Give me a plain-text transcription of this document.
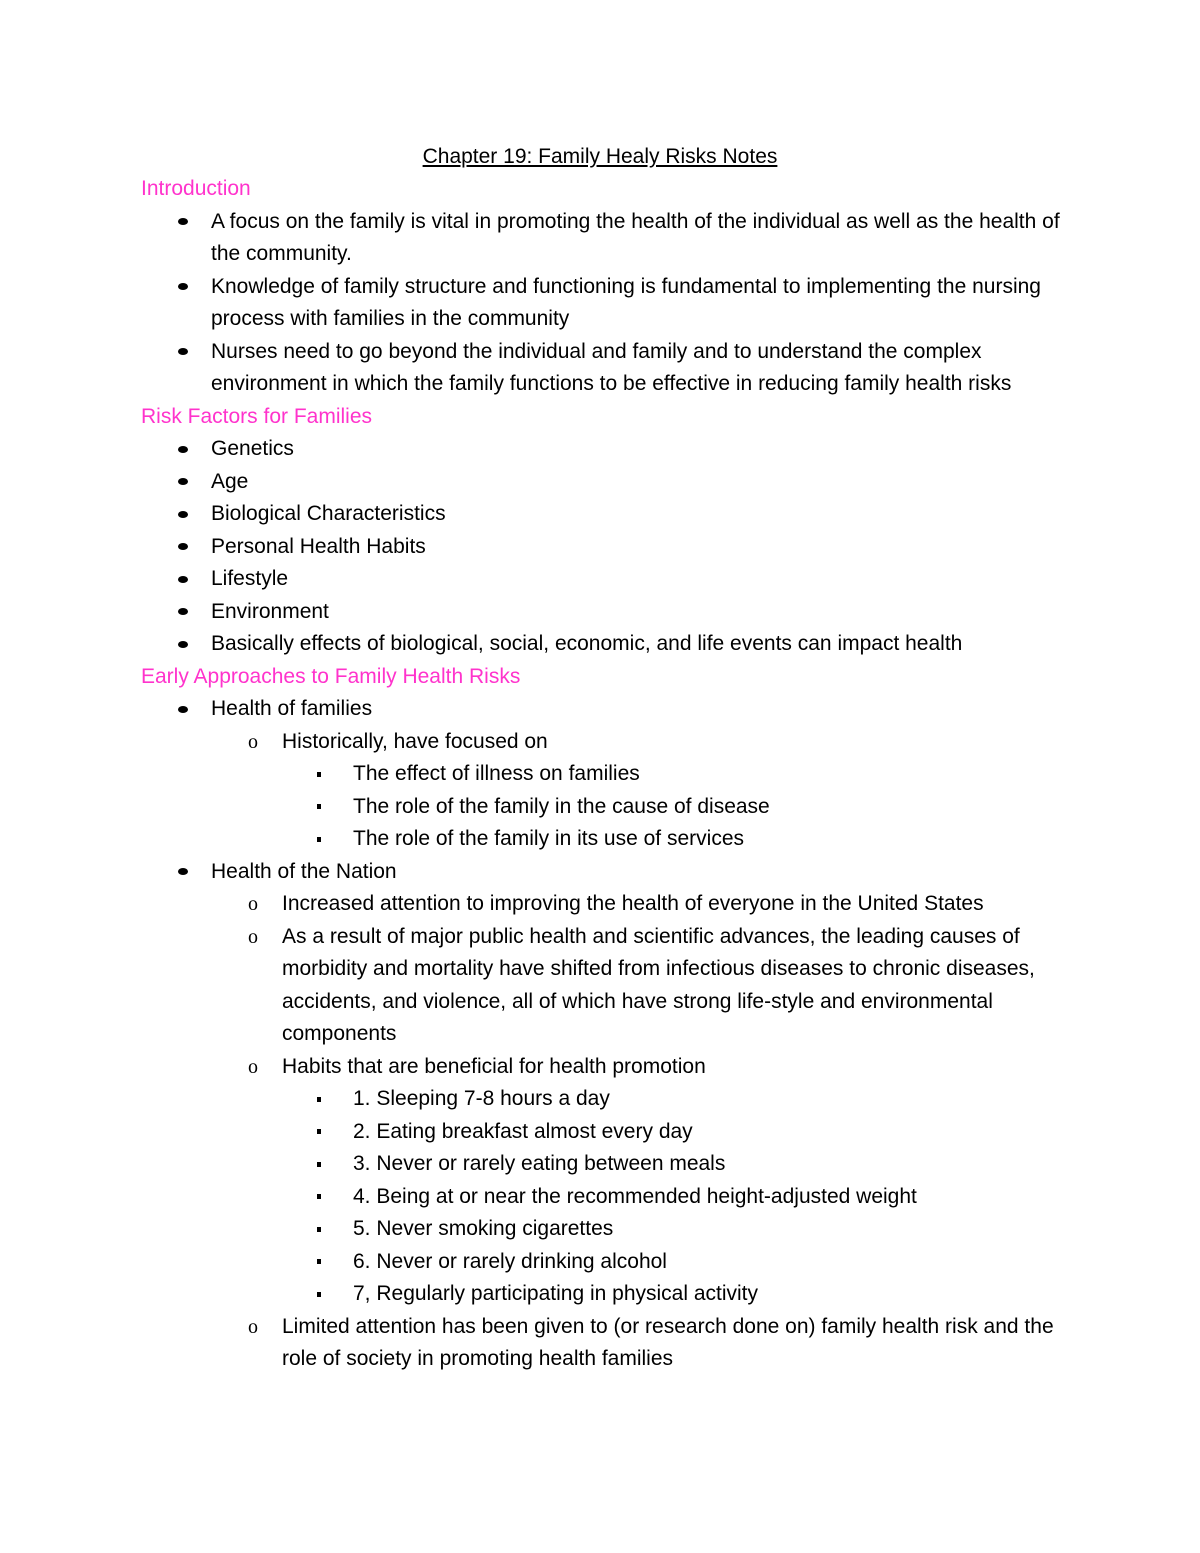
Chapter 19: Family Healy Risks Notes
Introduction
A focus on the family is vital in promoting the health of the individual as well as the health of the community.
Knowledge of family structure and functioning is fundamental to implementing the nursing process with families in the community
Nurses need to go beyond the individual and family and to understand the complex environment in which the family functions to be effective in reducing family health risks
Risk Factors for Families
Genetics
Age
Biological Characteristics
Personal Health Habits
Lifestyle
Environment
Basically effects of biological, social, economic, and life events can impact health
Early Approaches to Family Health Risks
Health of families
o Historically, have focused on
The effect of illness on families
The role of the family in the cause of disease
The role of the family in its use of services
Health of the Nation
o Increased attention to improving the health of everyone in the United States
o As a result of major public health and scientific advances, the leading causes of morbidity and mortality have shifted from infectious diseases to chronic diseases, accidents, and violence, all of which have strong life-style and environmental components
o Habits that are beneficial for health promotion
1. Sleeping 7-8 hours a day
2. Eating breakfast almost every day
3. Never or rarely eating between meals
4. Being at or near the recommended height-adjusted weight
5. Never smoking cigarettes
6. Never or rarely drinking alcohol
7, Regularly participating in physical activity
o Limited attention has been given to (or research done on) family health risk and the role of society in promoting health families
